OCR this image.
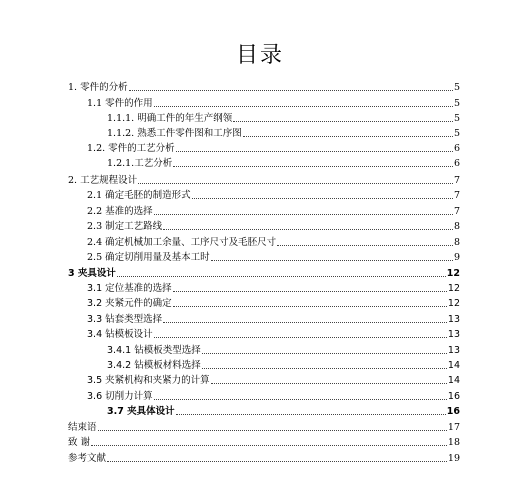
目录
1. 零件的分析	5
1.1 零件的作用	5
1.1.1. 明确工件的年生产纲领	5
1.1.2. 熟悉工件零件图和工序图	5
1.2. 零件的工艺分析	6
1.2.1.工艺分析	6
2. 工艺规程设计	7
2.1 确定毛胚的制造形式	7
2.2 基准的选择	7
2.3 制定工艺路线	8
2.4 确定机械加工余量、工序尺寸及毛胚尺寸	8
2.5 确定切削用量及基本工时	9
3 夹具设计	12
3.1 定位基准的选择	12
3.2 夹紧元件的确定	12
3.3 钻套类型选择	13
3.4 钻模板设计	13
3.4.1 钻模板类型选择	13
3.4.2 钻模板材料选择	14
3.5 夹紧机构和夹紧力的计算	14
3.6 切削力计算	16
3.7 夹具体设计	16
结束语	17
致 谢	18
参考文献	19
